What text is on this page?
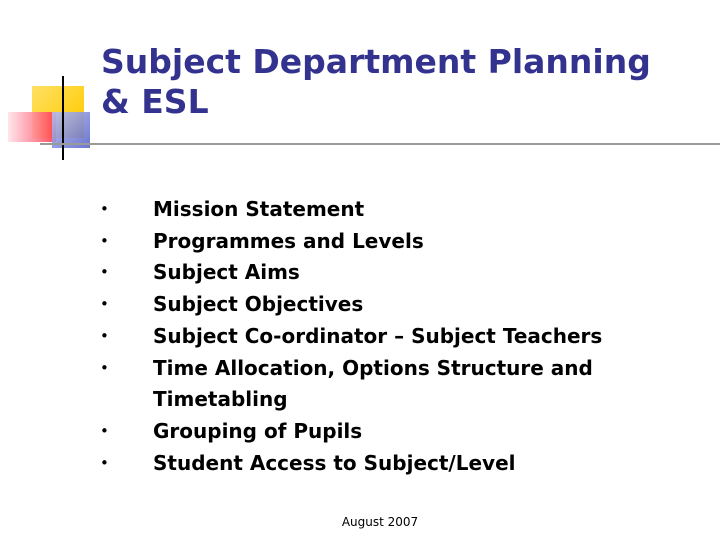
Subject Department Planning
& ESL
• Mission Statement
• Programmes and Levels
• Subject Aims
• Subject Objectives
• Subject Co-ordinator – Subject Teachers
• Time Allocation, Options Structure and Timetabling
• Grouping of Pupils
• Student Access to Subject/Level
August 2007
